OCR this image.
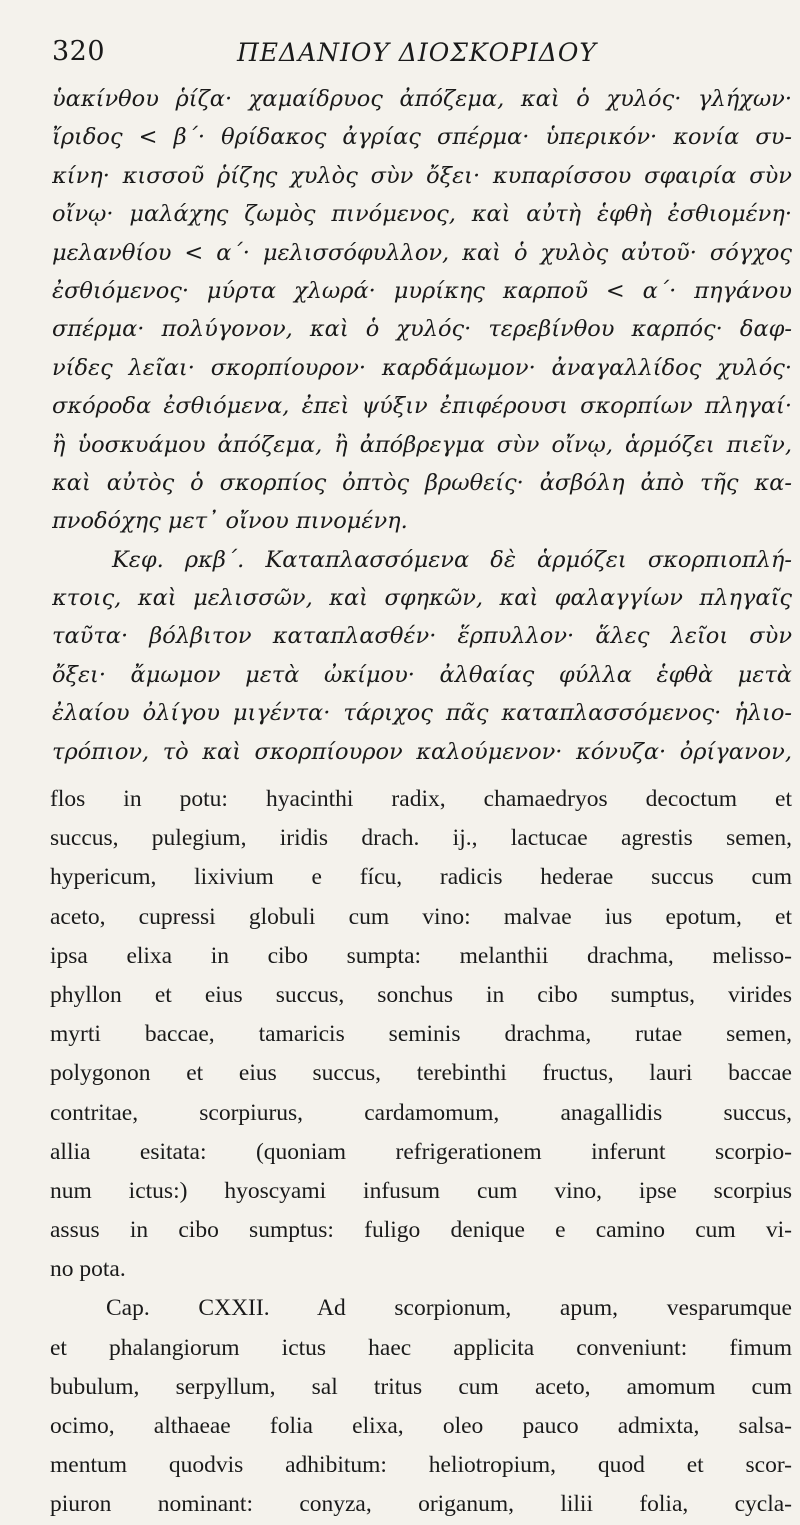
320	ΠΕΔΑΝΙΟΥ ΔΙΟΣΚΟΡΙΔΟΥ
ὑακίνθου ῥίζα· χαμαίδρυος ἀπόζεμα, καὶ ὁ χυλός· γλήχων·
ἴριδος < β΄· θρίδακος ἀγρίας σπέρμα· ὑπερικόν· κονία συ-
κίνη· κισσοῦ ῥίζης χυλὸς σὺν ὄξει· κυπαρίσσου σφαιρία σὺν
οἴνῳ· μαλάχης ζωμὸς πινόμενος, καὶ αὐτὴ ἑφθὴ ἐσθιομένη·
μελανθίου < α΄· μελισσόφυλλον, καὶ ὁ χυλὸς αὐτοῦ· σόγχος
ἐσθιόμενος· μύρτα χλωρά· μυρίκης καρποῦ < α΄· πηγάνου
σπέρμα· πολύγονον, καὶ ὁ χυλός· τερεβίνθου καρπός· δαφ-
νίδες λεῖαι· σκορπίουρον· καρδάμωμον· ἀναγαλλίδος χυλός·
σκόροδα ἐσθιόμενα, ἐπεὶ ψύξιν ἐπιφέρουσι σκορπίων πληγαί·
ἢ ὑοσκυάμου ἀπόζεμα, ἢ ἀπόβρεγμα σὺν οἴνῳ, ἁρμόζει πιεῖν,
καὶ αὐτὸς ὁ σκορπίος ὀπτὸς βρωθείς· ἀσβόλη ἀπὸ τῆς κα-
πνοδόχης μετ᾽ οἴνου πινομένη.
Κεφ. ρκβ΄. Καταπλασσόμενα δὲ ἁρμόζει σκορπιοπλή-
κτοις, καὶ μελισσῶν, καὶ σφηκῶν, καὶ φαλαγγίων πληγαῖς
ταῦτα· βόλβιτον καταπλασθέν· ἕρπυλλον· ἅλες λεῖοι σὺν
ὄξει· ἄμωμον μετὰ ὠκίμου· ἀλθαίας φύλλα ἑφθὰ μετὰ
ἐλαίου ὀλίγου μιγέντα· τάριχος πᾶς καταπλασσόμενος· ἡλιο-
τρόπιον, τὸ καὶ σκορπίουρον καλούμενον· κόνυζα· ὀρίγανον,
flos in potu: hyacinthi radix, chamaedryos decoctum et
succus, pulegium, iridis drach. ij., lactucae agrestis semen,
hypericum, lixivium e fícu, radicis hederae succus cum
aceto, cupressi globuli cum vino: malvae ius epotum, et
ipsa elixa in cibo sumpta: melanthii drachma, melisso-
phyllon et eius succus, sonchus in cibo sumptus, virides
myrti baccae, tamaricis seminis drachma, rutae semen,
polygonon et eius succus, terebinthi fructus, lauri baccae
contritae, scorpiurus, cardamomum, anagallidis succus,
allia esitata: (quoniam refrigerationem inferunt scorpio-
num ictus:) hyoscyami infusum cum vino, ipse scorpius
assus in cibo sumptus: fuligo denique e camino cum vi-
no pota.
Cap. CXXII. Ad scorpionum, apum, vesparumque
et phalangiorum ictus haec applicita conveniunt: fimum
bubulum, serpyllum, sal tritus cum aceto, amomum cum
ocimo, althaeae folia elixa, oleo pauco admixta, salsa-
mentum quodvis adhibitum: heliotropium, quod et scor-
piuron nominant: conyza, origanum, lilii folia, cycla-
